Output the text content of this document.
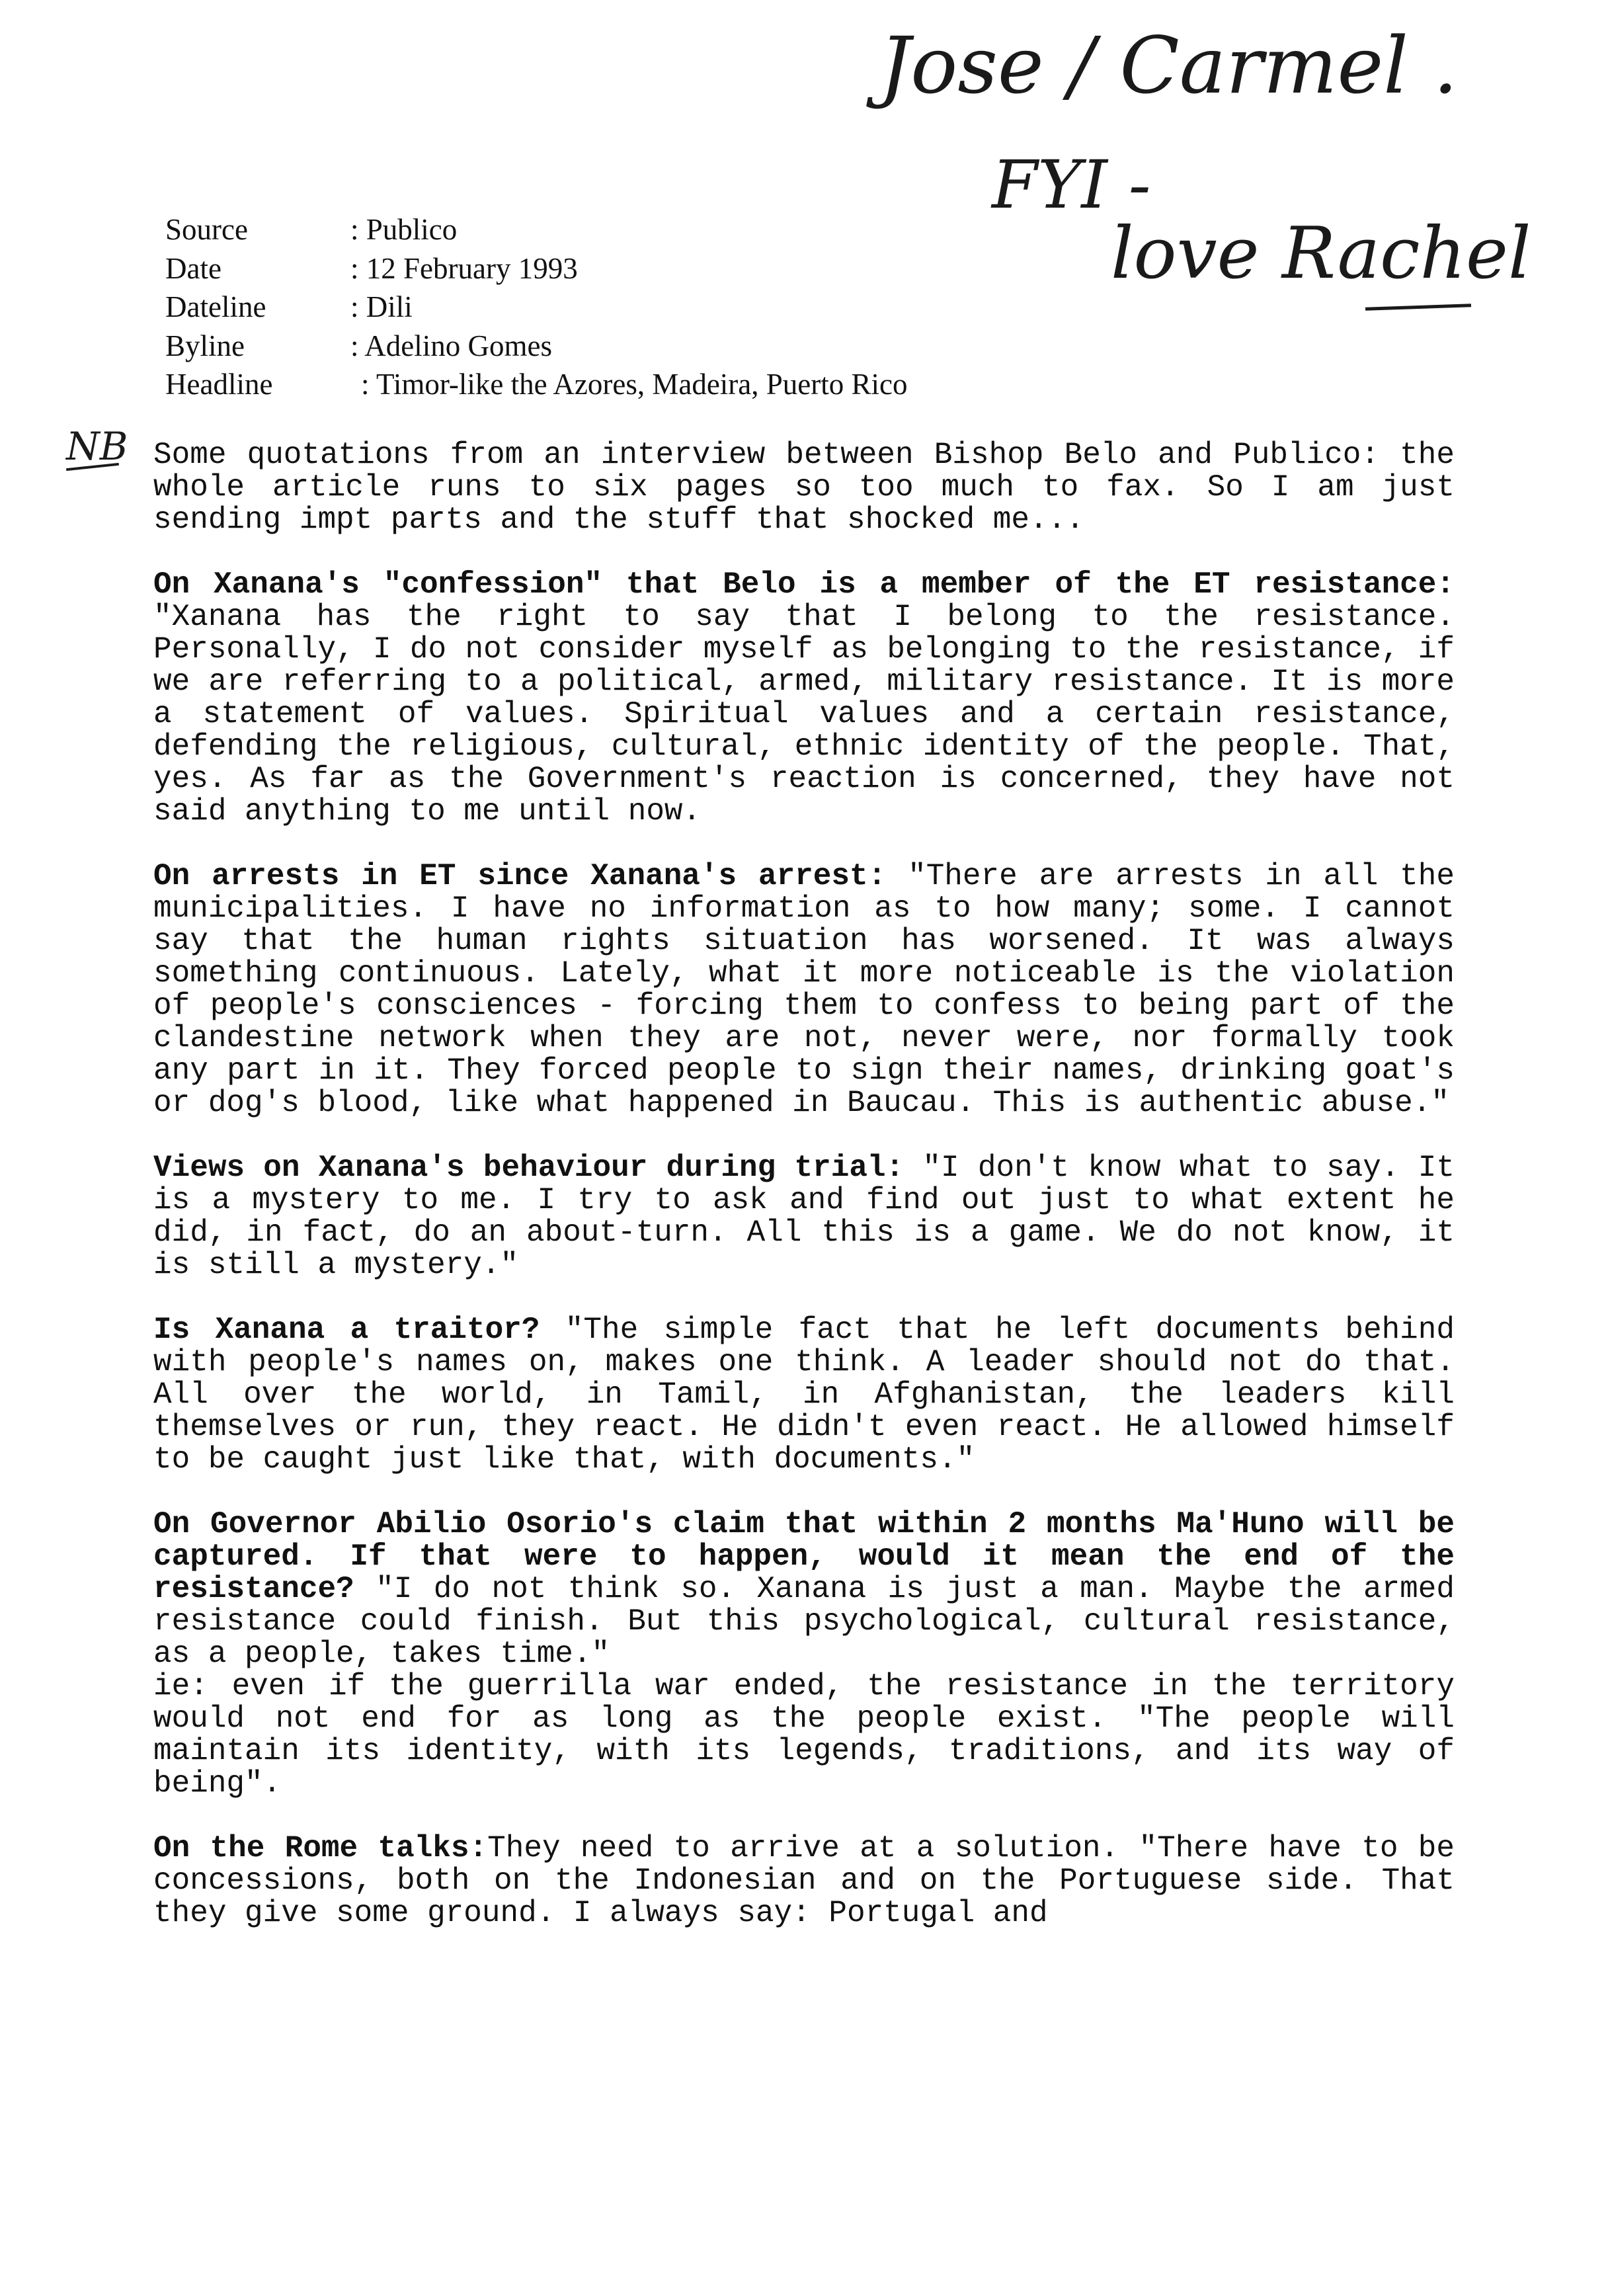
Jose / Carmel .
FYI -
love Rachel
NB
Source	: Publico
Date	: 12 February 1993
Dateline	: Dili
Byline	: Adelino Gomes
Headline	: Timor-like the Azores, Madeira, Puerto Rico

Some quotations from an interview between Bishop Belo and Publico: the whole article runs to six pages so too much to fax. So I am just sending impt parts and the stuff that shocked me...

On Xanana's "confession" that Belo is a member of the ET resistance: "Xanana has the right to say that I belong to the resistance. Personally, I do not consider myself as belonging to the resistance, if we are referring to a political, armed, military resistance. It is more a statement of values. Spiritual values and a certain resistance, defending the religious, cultural, ethnic identity of the people. That, yes. As far as the Government's reaction is concerned, they have not said anything to me until now.

On arrests in ET since Xanana's arrest: "There are arrests in all the municipalities. I have no information as to how many; some. I cannot say that the human rights situation has worsened. It was always something continuous. Lately, what it more noticeable is the violation of people's consciences - forcing them to confess to being part of the clandestine network when they are not, never were, nor formally took any part in it. They forced people to sign their names, drinking goat's or dog's blood, like what happened in Baucau. This is authentic abuse."

Views on Xanana's behaviour during trial: "I don't know what to say. It is a mystery to me. I try to ask and find out just to what extent he did, in fact, do an about-turn. All this is a game. We do not know, it is still a mystery."

Is Xanana a traitor? "The simple fact that he left documents behind with people's names on, makes one think. A leader should not do that. All over the world, in Tamil, in Afghanistan, the leaders kill themselves or run, they react. He didn't even react. He allowed himself to be caught just like that, with documents."

On Governor Abilio Osorio's claim that within 2 months Ma'Huno will be captured. If that were to happen, would it mean the end of the resistance? "I do not think so. Xanana is just a man. Maybe the armed resistance could finish. But this psychological, cultural resistance, as a people, takes time."

ie: even if the guerrilla war ended, the resistance in the territory would not end for as long as the people exist. "The people will maintain its identity, with its legends, traditions, and its way of being".

On the Rome talks:They need to arrive at a solution. "There have to be concessions, both on the Indonesian and on the Portuguese side. That they give some ground. I always say: Portugal and
